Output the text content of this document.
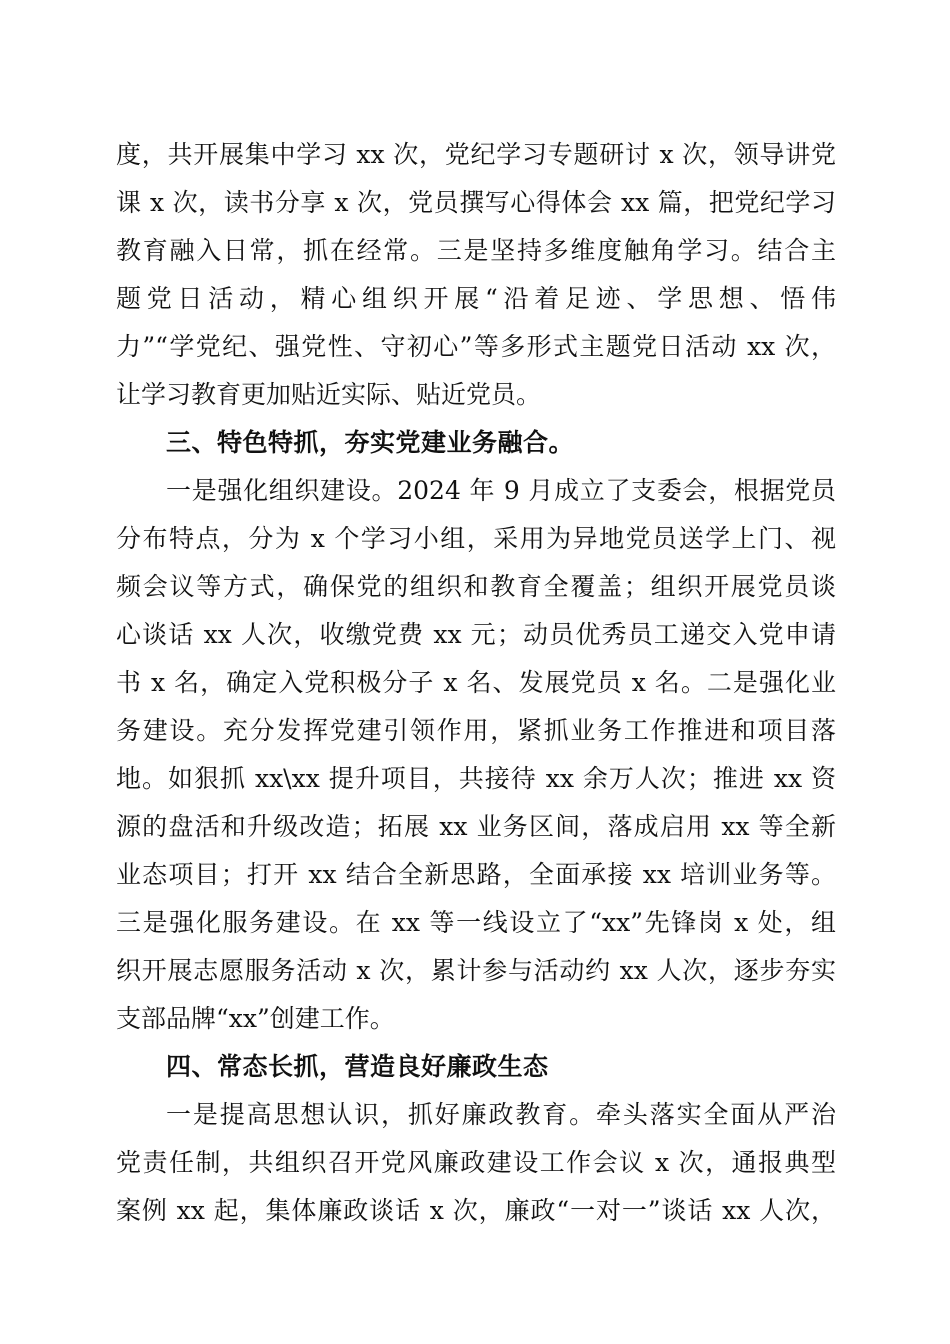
度，共开展集中学习 xx 次，党纪学习专题研讨 x 次，领导讲党
课 x 次，读书分享 x 次，党员撰写心得体会 xx 篇，把党纪学习
教育融入日常，抓在经常。三是坚持多维度触角学习。结合主
题党日活动，精心组织开展“沿着足迹、学思想、悟伟
力”“学党纪、强党性、守初心”等多形式主题党日活动 xx 次，
让学习教育更加贴近实际、贴近党员。
三、特色特抓，夯实党建业务融合。
一是强化组织建设。2024 年 9 月成立了支委会，根据党员
分布特点，分为 x 个学习小组，采用为异地党员送学上门、视
频会议等方式，确保党的组织和教育全覆盖；组织开展党员谈
心谈话 xx 人次，收缴党费 xx 元；动员优秀员工递交入党申请
书 x 名，确定入党积极分子 x 名、发展党员 x 名。二是强化业
务建设。充分发挥党建引领作用，紧抓业务工作推进和项目落
地。如狠抓 xx\xx 提升项目，共接待 xx 余万人次；推进 xx 资
源的盘活和升级改造；拓展 xx 业务区间，落成启用 xx 等全新
业态项目；打开 xx 结合全新思路，全面承接 xx 培训业务等。
三是强化服务建设。在 xx 等一线设立了“xx”先锋岗 x 处，组
织开展志愿服务活动 x 次，累计参与活动约 xx 人次，逐步夯实
支部品牌“xx”创建工作。
四、常态长抓，营造良好廉政生态
一是提高思想认识，抓好廉政教育。牵头落实全面从严治
党责任制，共组织召开党风廉政建设工作会议 x 次，通报典型
案例 xx 起，集体廉政谈话 x 次，廉政“一对一”谈话 xx 人次，
